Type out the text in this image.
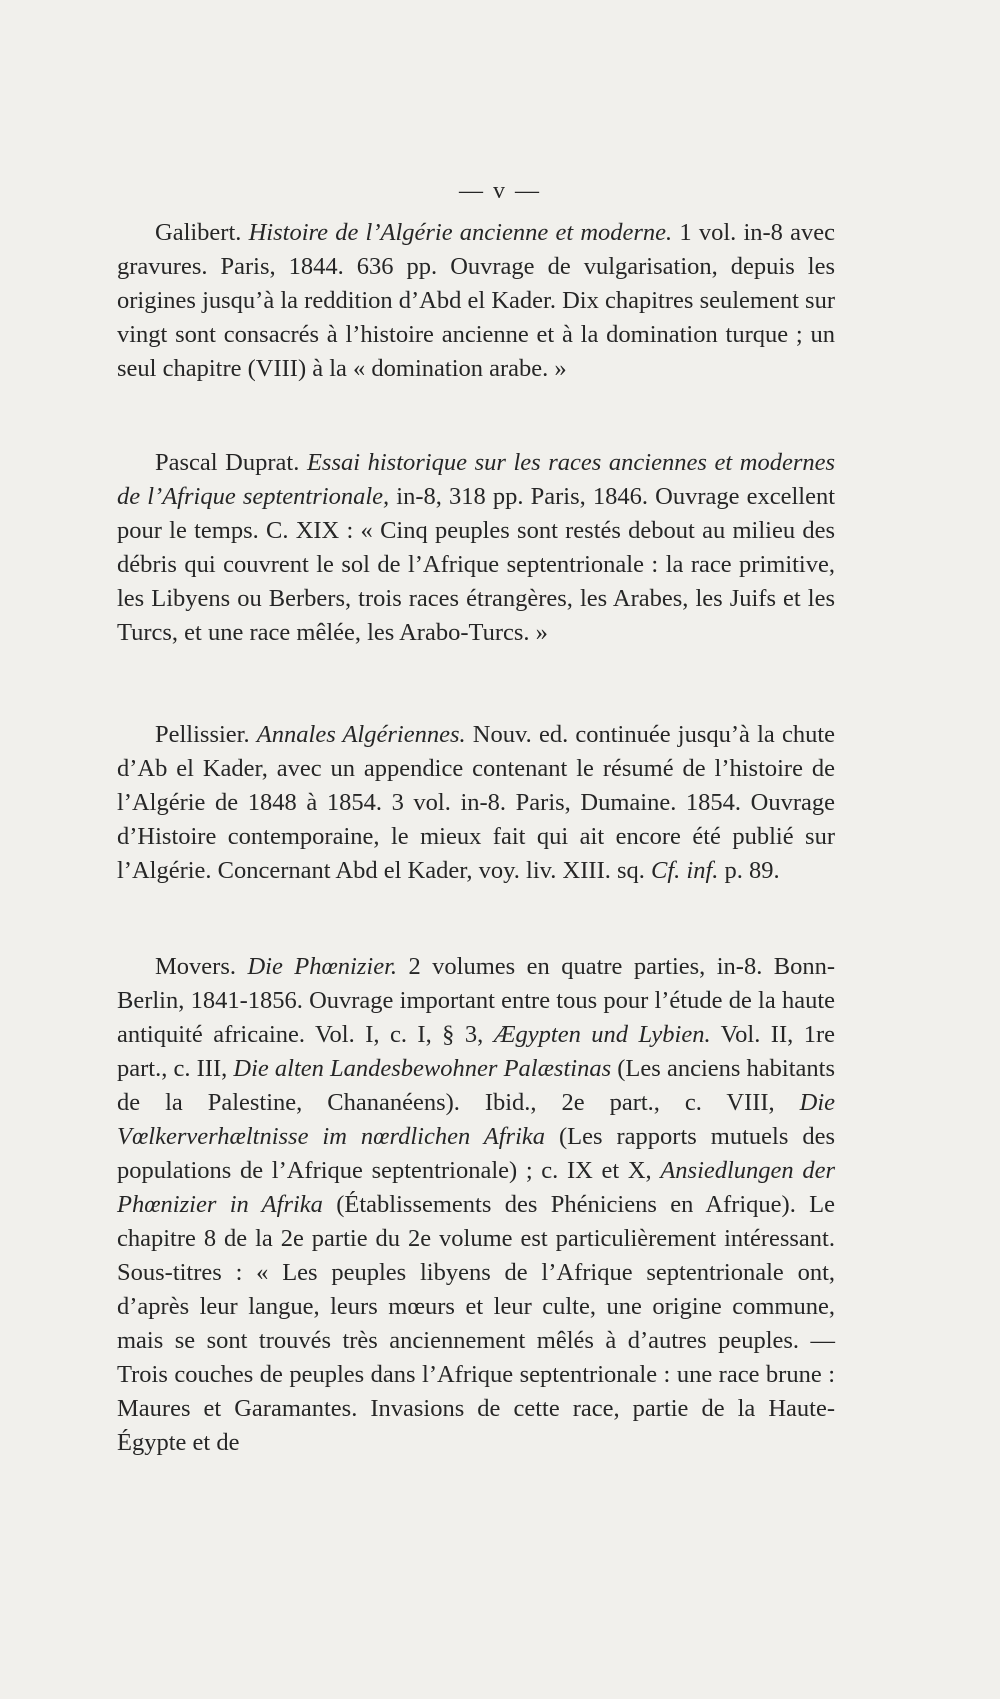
— v —

Galibert. Histoire de l’Algérie ancienne et moderne. 1 vol. in-8 avec gravures. Paris, 1844. 636 pp. Ouvrage de vulgarisation, depuis les origines jusqu’à la reddition d’Abd el Kader. Dix chapitres seulement sur vingt sont consacrés à l’histoire ancienne et à la domination turque ; un seul chapitre (VIII) à la « domination arabe. »

Pascal Duprat. Essai historique sur les races anciennes et modernes de l’Afrique septentrionale, in-8, 318 pp. Paris, 1846. Ouvrage excellent pour le temps. C. XIX : « Cinq peuples sont restés debout au milieu des débris qui couvrent le sol de l’Afrique septentrionale : la race primitive, les Libyens ou Berbers, trois races étrangères, les Arabes, les Juifs et les Turcs, et une race mêlée, les Arabo-Turcs. »

Pellissier. Annales Algériennes. Nouv. ed. continuée jusqu’à la chute d’Ab el Kader, avec un appendice contenant le résumé de l’histoire de l’Algérie de 1848 à 1854. 3 vol. in-8. Paris, Dumaine. 1854. Ouvrage d’Histoire contemporaine, le mieux fait qui ait encore été publié sur l’Algérie. Concernant Abd el Kader, voy. liv. XIII. sq. Cf. inf. p. 89.

Movers. Die Phœnizier. 2 volumes en quatre parties, in-8. Bonn-Berlin, 1841-1856. Ouvrage important entre tous pour l’étude de la haute antiquité africaine. Vol. I, c. I, § 3, Ægypten und Lybien. Vol. II, 1re part., c. III, Die alten Landesbewohner Palæstinas (Les anciens habitants de la Palestine, Chananéens). Ibid., 2e part., c. VIII, Die Vœlkerverhæltnisse im nœrdlichen Afrika (Les rapports mutuels des populations de l’Afrique septentrionale) ; c. IX et X, Ansiedlungen der Phœnizier in Afrika (Établissements des Phéniciens en Afrique). Le chapitre 8 de la 2e partie du 2e volume est particulièrement intéressant. Sous-titres : « Les peuples libyens de l’Afrique septentrionale ont, d’après leur langue, leurs mœurs et leur culte, une origine commune, mais se sont trouvés très anciennement mêlés à d’autres peuples. — Trois couches de peuples dans l’Afrique septentrionale : une race brune : Maures et Garamantes. Invasions de cette race, partie de la Haute-Égypte et de
